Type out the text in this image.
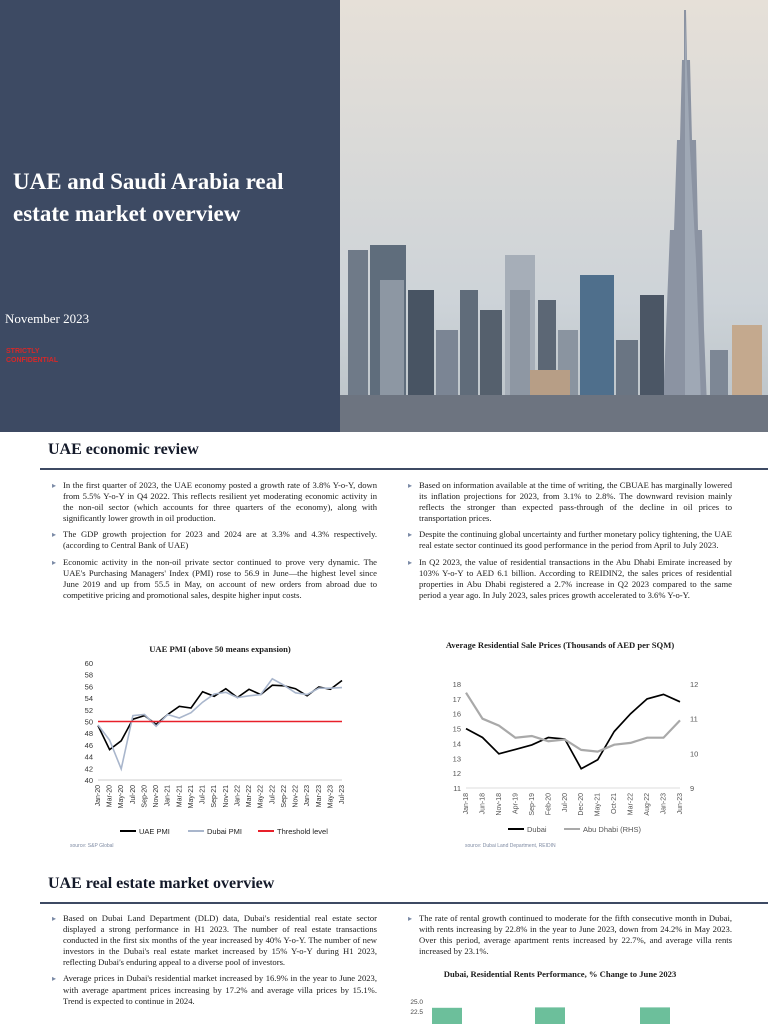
UAE and Saudi Arabia real estate market overview
November 2023
STRICTLY
CONFIDENTIAL
UAE economic review
▸ In the first quarter of 2023, the UAE economy posted a growth rate of 3.8% Y-o-Y, down from 5.5% Y-o-Y in Q4 2022. This reflects resilient yet moderating economic activity in the non-oil sector (which accounts for three quarters of the economy), along with significantly lower growth in oil production.
▸ The GDP growth projection for 2023 and 2024 are at 3.3% and 4.3% respectively. (according to Central Bank of UAE)
▸ Economic activity in the non-oil private sector continued to prove very dynamic. The UAE's Purchasing Managers' Index (PMI) rose to 56.9 in June—the highest level since June 2019 and up from 55.5 in May, on account of new orders from abroad due to competitive pricing and promotional sales, despite higher input costs.
▸ Based on information available at the time of writing, the CBUAE has marginally lowered its inflation projections for 2023, from 3.1% to 2.8%. The downward revision mainly reflects the stronger than expected pass-through of the decline in oil prices to transportation prices.
▸ Despite the continuing global uncertainty and further monetary policy tightening, the UAE real estate sector continued its good performance in the period from April to July 2023.
▸ In Q2 2023, the value of residential transactions in the Abu Dhabi Emirate increased by 103% Y-o-Y to AED 6.1 billion. According to REIDIN2, the sales prices of residential properties in Abu Dhabi registered a 2.7% increase in Q2 2023 compared to the same period a year ago. In July 2023, sales prices growth accelerated to 3.6% Y-o-Y.
UAE PMI (above 50 means expansion)
40
42
44
46
48
50
52
54
56
58
60
Jan-20 Mar-20 May-20 Jul-20 Sep-20 Nov-20 Jan-21 Mar-21 May-21 Jul-21 Sep-21 Nov-21 Jan-22 Mar-22 May-22 Jul-22 Sep-22 Nov-22 Jan-23 Mar-23 May-23 Jul-23
UAE PMI	Dubai PMI	Threshold level
source: S&P Global
Average Residential Sale Prices (Thousands of AED per SQM)
11
12
13
14
15
16
17
18
9
10
11
12
Jan-18 Jun-18 Nov-18 Apr-19 Sep-19 Feb-20 Jul-20 Dec-20 May-21 Oct-21 Mar-22 Aug-22 Jan-23 Jun-23
Dubai	Abu Dhabi (RHS)
source: Dubai Land Department, REIDIN
UAE real estate market overview
▸ Based on Dubai Land Department (DLD) data, Dubai's residential real estate sector displayed a strong performance in H1 2023. The number of real estate transactions conducted in the first six months of the year increased by 40% Y-o-Y. The number of new investors in the Dubai's real estate market increased by 15% Y-o-Y during H1 2023, reflecting Dubai's enduring appeal to a diverse pool of investors.
▸ Average prices in Dubai's residential market increased by 16.9% in the year to June 2023, with average apartment prices increasing by 17.2% and average villa prices by 15.1%. Trend is expected to continue in 2024.
▸ The rate of rental growth continued to moderate for the fifth consecutive month in Dubai, with rents increasing by 22.8% in the year to June 2023, down from 24.2% in May 2023. Over this period, average apartment rents increased by 22.7%, and average villa rents increased by 23.1%.
Dubai, Residential Rents Performance, % Change to June 2023
22.5
25.0
